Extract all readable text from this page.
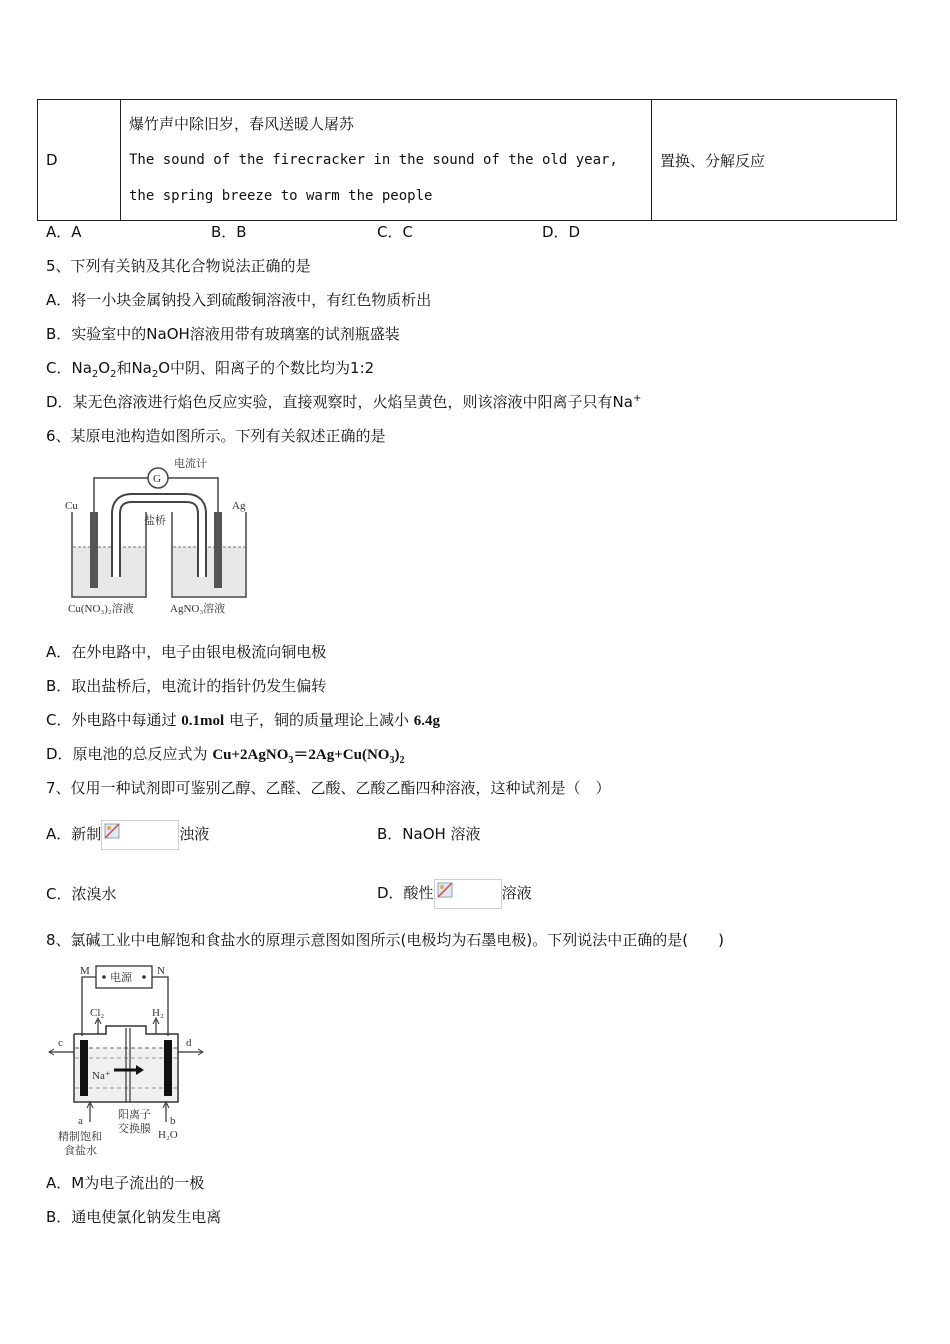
D	
爆竹声中除旧岁，春风送暖人屠苏
The sound of the firecracker in the sound of the old year,
the spring breeze to warm the people
	置换、分解反应
A．A	B．B	C．C	D．D
5、下列有关钠及其化合物说法正确的是
A．将一小块金属钠投入到硫酸铜溶液中，有红色物质析出
B．实验室中的NaOH溶液用带有玻璃塞的试剂瓶盛装
C．$Na_2O_2$和$Na_2O$中阴、阳离子的个数比均为1:2
D．某无色溶液进行焰色反应实验，直接观察时，火焰呈黄色，则该溶液中阳离子只有Na+
6、某原电池构造如图所示。下列有关叙述正确的是
G
电流计
Cu	Ag
盐桥
Cu(NO₃)₂溶液	AgNO₃溶液
A．在外电路中，电子由银电极流向铜电极
B．取出盐桥后，电流计的指针仍发生偏转
C．外电路中每通过 0.1mol 电子，铜的质量理论上减小 6.4g
D．原电池的总反应式为 $Cu+2AgNO_3=2Ag+Cu(NO_3)_2$
7、仅用一种试剂即可鉴别乙醇、乙醛、乙酸、乙酸乙酯四种溶液，这种试剂是（　）
A．新制	浊液	B．NaOH 溶液
C．浓溴水	D．酸性	溶液
8、氯碱工业中电解饱和食盐水的原理示意图如图所示(电极均为石墨电极)。下列说法中正确的是(　　)
电源
M	N
Cl₂	H₂
Na⁺
c	d
a	b
阳离子
交换膜
精制饱和
食盐水
H₂O
A．M为电子流出的一极
B．通电使氯化钠发生电离
